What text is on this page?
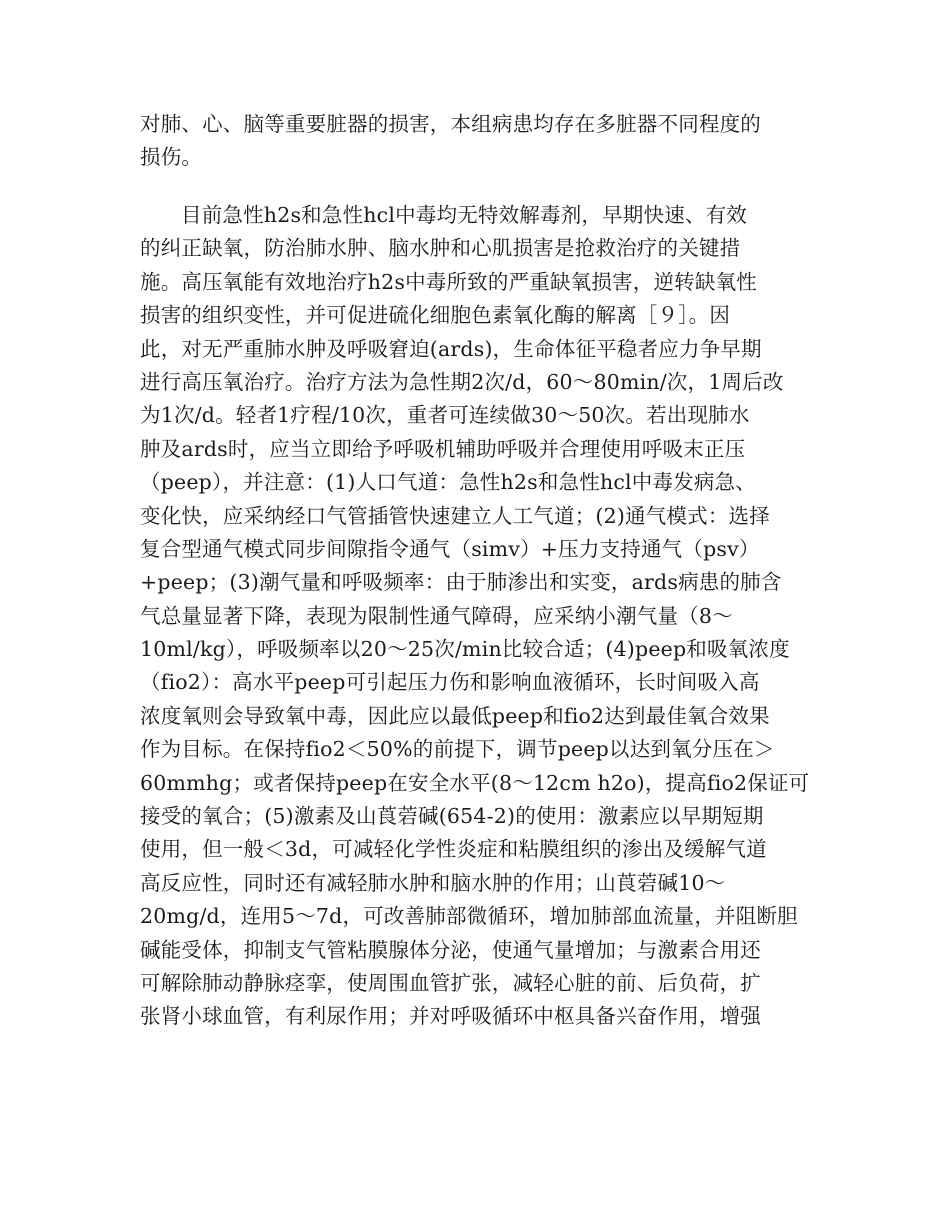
对肺、心、脑等重要脏器的损害，本组病患均存在多脏器不同程度的
损伤。
目前急性h2s和急性hcl中毒均无特效解毒剂，早期快速、有效
的纠正缺氧，防治肺水肿、脑水肿和心肌损害是抢救治疗的关键措
施。高压氧能有效地治疗h2s中毒所致的严重缺氧损害，逆转缺氧性
损害的组织变性，并可促进硫化细胞色素氧化酶的解离［９］。因
此，对无严重肺水肿及呼吸窘迫(ards)，生命体征平稳者应力争早期
进行高压氧治疗。治疗方法为急性期2次/d，60～80min/次，1周后改
为1次/d。轻者1疗程/10次，重者可连续做30～50次。若出现肺水
肿及ards时，应当立即给予呼吸机辅助呼吸并合理使用呼吸末正压
（peep），并注意：(1)人口气道：急性h2s和急性hcl中毒发病急、
变化快，应采纳经口气管插管快速建立人工气道；(2)通气模式：选择
复合型通气模式同步间隙指令通气（simv）+压力支持通气（psv）
+peep；(3)潮气量和呼吸频率：由于肺渗出和实变，ards病患的肺含
气总量显著下降，表现为限制性通气障碍，应采纳小潮气量（8～
10ml/kg），呼吸频率以20～25次/min比较合适；(4)peep和吸氧浓度
（fio2）：高水平peep可引起压力伤和影响血液循环，长时间吸入高
浓度氧则会导致氧中毒，因此应以最低peep和fio2达到最佳氧合效果
作为目标。在保持fio2＜50%的前提下，调节peep以达到氧分压在＞
60mmhg；或者保持peep在安全水平(8～12cm h2o)，提高fio2保证可
接受的氧合；(5)激素及山莨菪碱(654-2)的使用：激素应以早期短期
使用，但一般＜3d，可减轻化学性炎症和粘膜组织的渗出及缓解气道
高反应性，同时还有减轻肺水肿和脑水肿的作用；山莨菪碱10～
20mg/d，连用5～7d，可改善肺部微循环，增加肺部血流量，并阻断胆
碱能受体，抑制支气管粘膜腺体分泌，使通气量增加；与激素合用还
可解除肺动静脉痉挛，使周围血管扩张，减轻心脏的前、后负荷，扩
张肾小球血管，有利尿作用；并对呼吸循环中枢具备兴奋作用，增强
